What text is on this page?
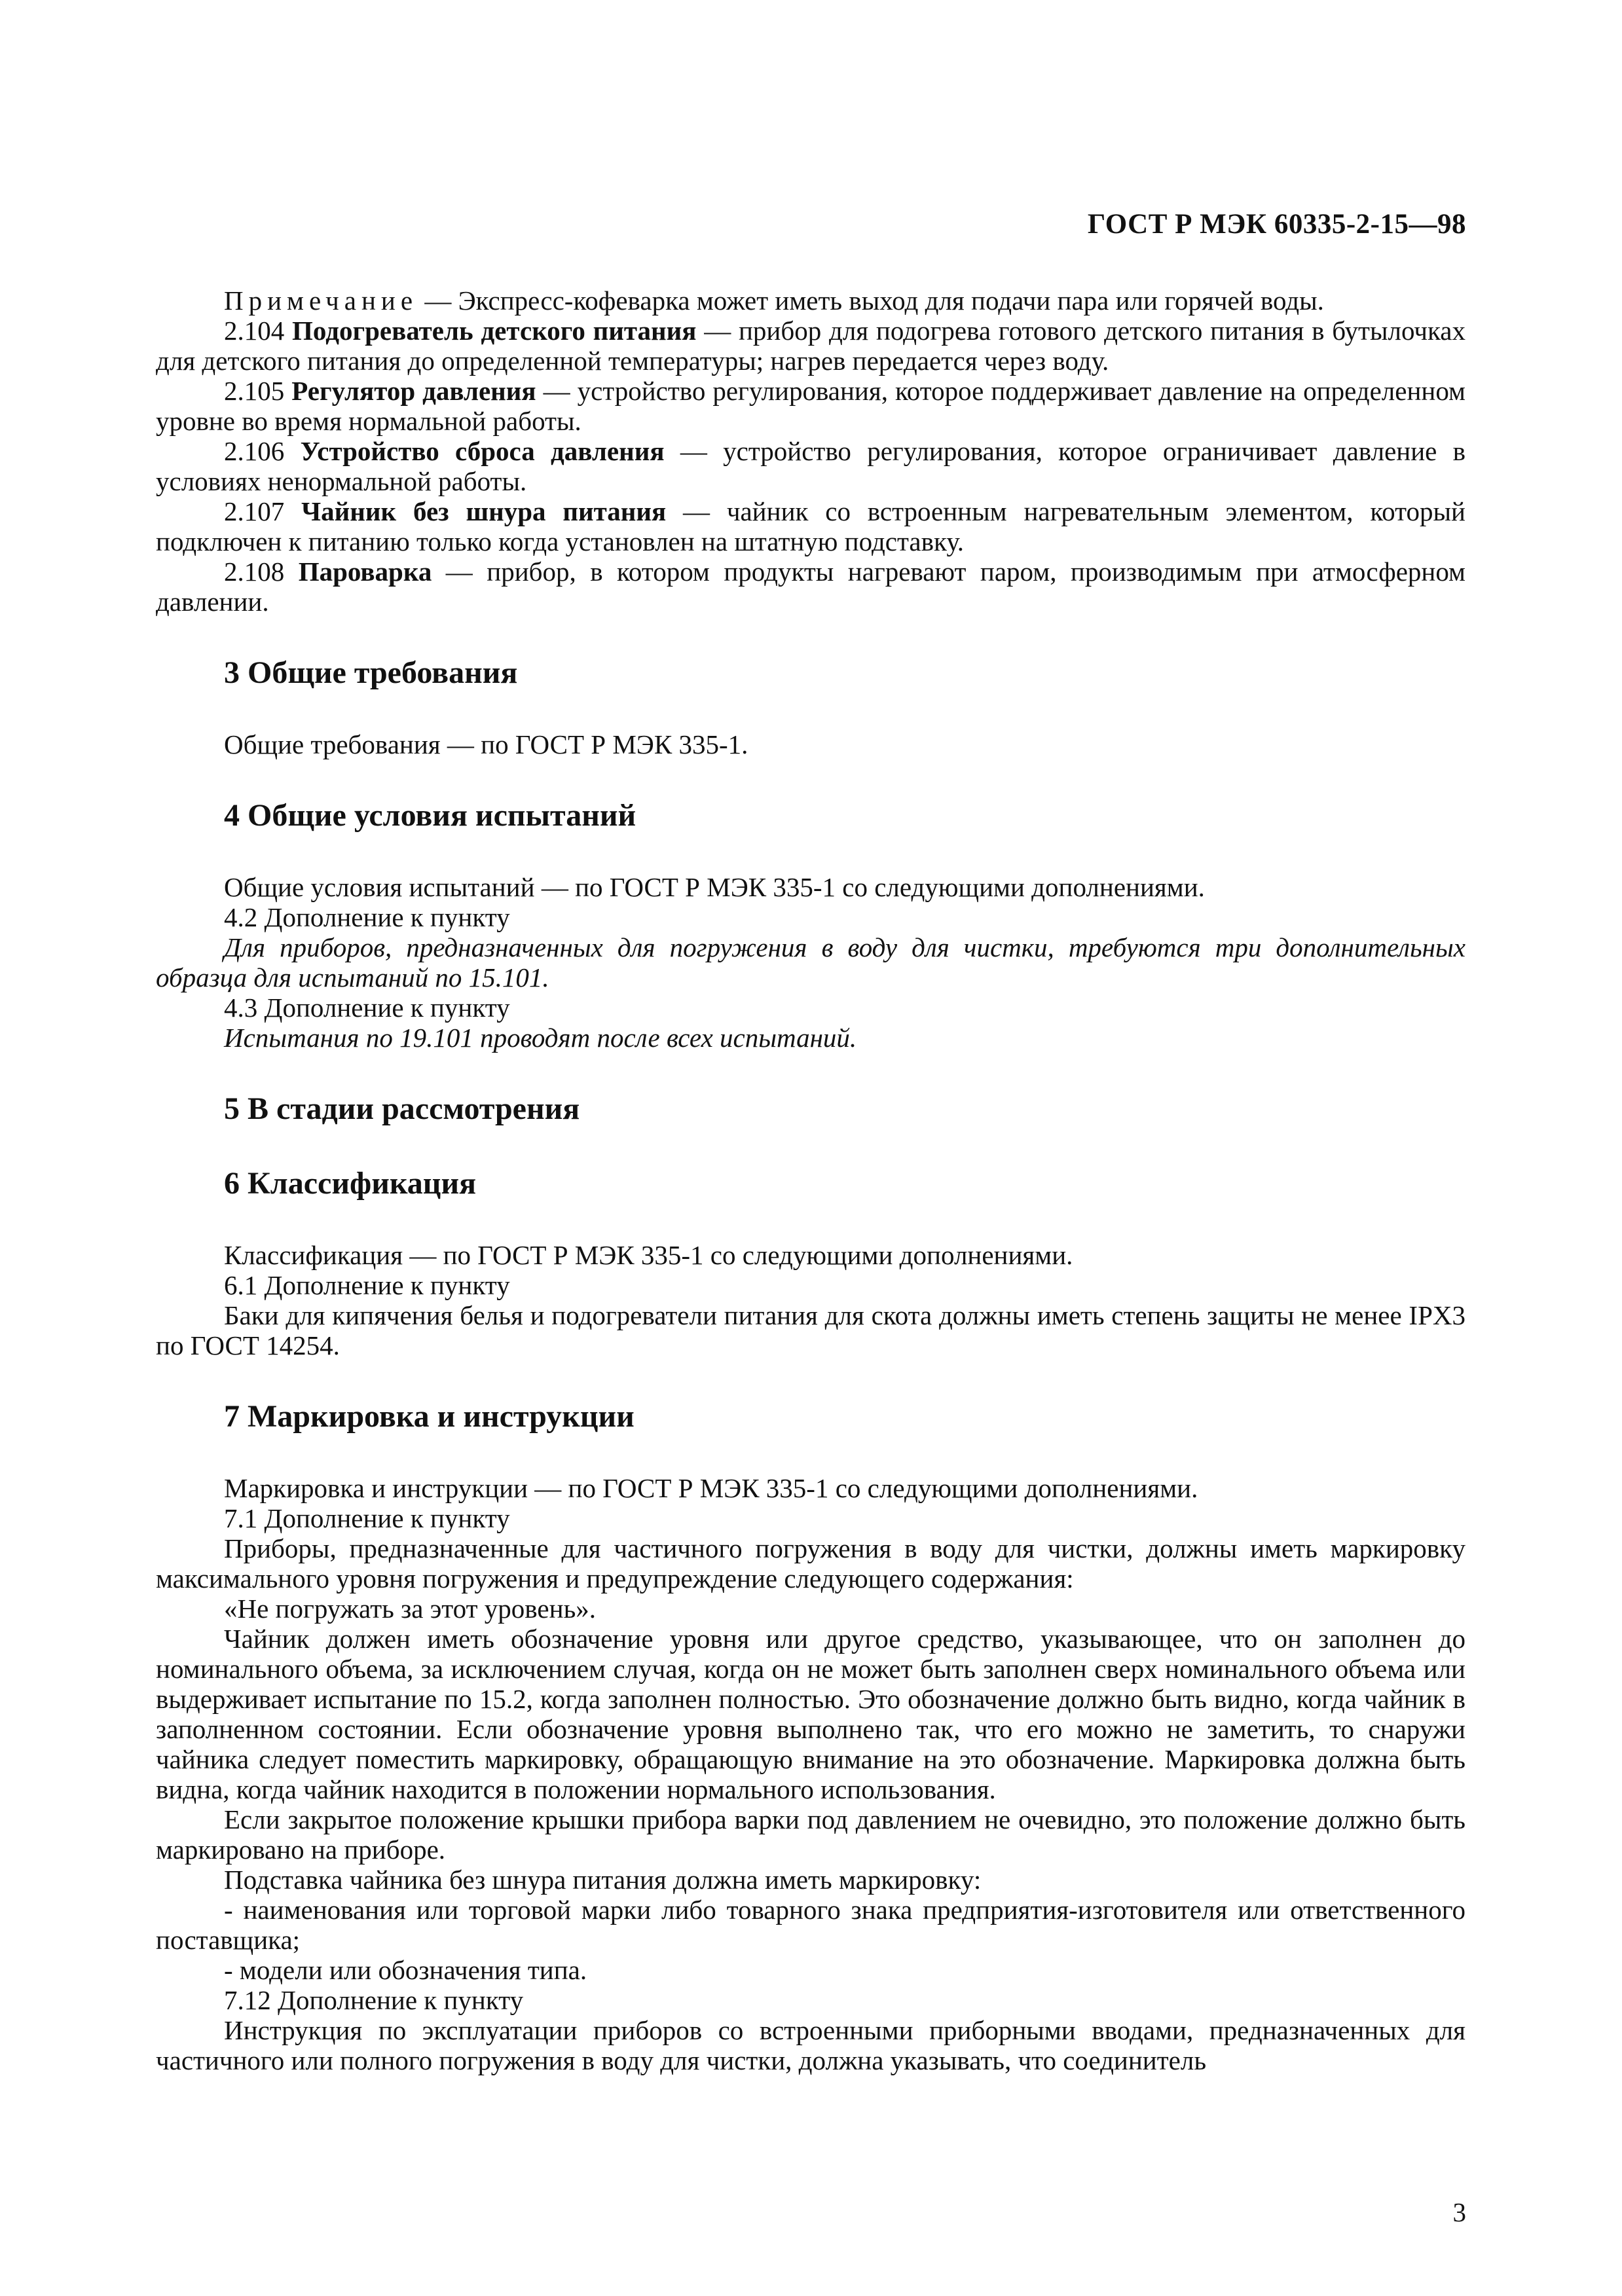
ГОСТ Р МЭК 60335-2-15—98

Примечание — Экспресс-кофеварка может иметь выход для подачи пара или горячей воды.

2.104 Подогреватель детского питания — прибор для подогрева готового детского питания в бутылочках для детского питания до определенной температуры; нагрев передается через воду.

2.105 Регулятор давления — устройство регулирования, которое поддерживает давление на определенном уровне во время нормальной работы.

2.106 Устройство сброса давления — устройство регулирования, которое ограничивает давление в условиях ненормальной работы.

2.107 Чайник без шнура питания — чайник со встроенным нагревательным элементом, который подключен к питанию только когда установлен на штатную подставку.

2.108 Пароварка — прибор, в котором продукты нагревают паром, производимым при атмосферном давлении.

3 Общие требования

Общие требования — по ГОСТ Р МЭК 335-1.

4 Общие условия испытаний

Общие условия испытаний — по ГОСТ Р МЭК 335-1 со следующими дополнениями.

4.2 Дополнение к пункту

Для приборов, предназначенных для погружения в воду для чистки, требуются три дополнительных образца для испытаний по 15.101.

4.3 Дополнение к пункту

Испытания по 19.101 проводят после всех испытаний.

5 В стадии рассмотрения
6 Классификация

Классификация — по ГОСТ Р МЭК 335-1 со следующими дополнениями.

6.1 Дополнение к пункту

Баки для кипячения белья и подогреватели питания для скота должны иметь степень защиты не менее IPX3 по ГОСТ 14254.

7 Маркировка и инструкции

Маркировка и инструкции — по ГОСТ Р МЭК 335-1 со следующими дополнениями.

7.1 Дополнение к пункту

Приборы, предназначенные для частичного погружения в воду для чистки, должны иметь маркировку максимального уровня погружения и предупреждение следующего содержания:

«Не погружать за этот уровень».

Чайник должен иметь обозначение уровня или другое средство, указывающее, что он заполнен до номинального объема, за исключением случая, когда он не может быть заполнен сверх номинального объема или выдерживает испытание по 15.2, когда заполнен полностью. Это обозначение должно быть видно, когда чайник в заполненном состоянии. Если обозначение уровня выполнено так, что его можно не заметить, то снаружи чайника следует поместить маркировку, обращающую внимание на это обозначение. Маркировка должна быть видна, когда чайник находится в положении нормального использования.

Если закрытое положение крышки прибора варки под давлением не очевидно, это положение должно быть маркировано на приборе.

Подставка чайника без шнура питания должна иметь маркировку:

- наименования или торговой марки либо товарного знака предприятия-изготовителя или ответственного поставщика;

- модели или обозначения типа.

7.12 Дополнение к пункту

Инструкция по эксплуатации приборов со встроенными приборными вводами, предназначенных для частичного или полного погружения в воду для чистки, должна указывать, что соединитель

3
